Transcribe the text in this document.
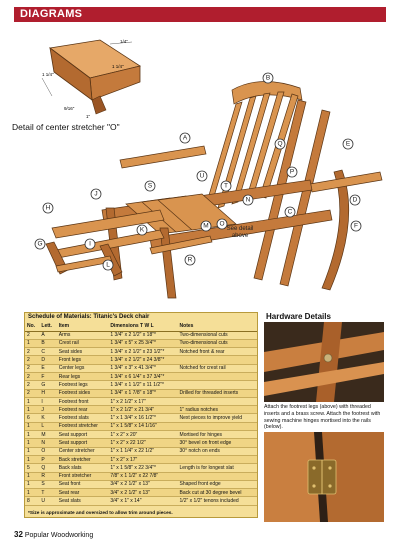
DIAGRAMS
1/4"
1 1/4"
1 1/4"
9/16"
1"
Detail of center stretcher "O"
A
B
C
D
E
F
G
H
I
J
K
L
M
N
O
P
Q
R
S	T
U
See detail above
Schedule of Materials: Titanic's Deck chair
No.	Lett.	Item	Dimensions T W L	Notes
2	A	Arms	1 3/4" x 2 1/2" x 18"*	Two-dimensional cuts
1	B	Crest rail	1 3/4" x 5" x 25 3/4"*	Two-dimensional cuts
2	C	Seat sides	1 3/4" x 2 1/2" x 23 1/2"*	Notched front & rear
2	D	Front legs	1 3/4" x 2 1/2" x 24 3/8"*	
2	E	Center legs	1 3/4" x 3" x 41 3/4"*	Notched for crest rail
2	F	Rear legs	1 3/4" x 6 1/4" x 37 3/4"*	
2	G	Footrest legs	1 3/4" x 1 1/2" x 11 1/2"*	
2	H	Footrest sides	1 3/4" x 1 7/8" x 18"*	Drilled for threaded inserts
1	I	Footrest front	1" x 2 1/2" x 17"	
1	J	Footrest rear	1" x 2 1/2" x 21 3/4"	1" radius notches
6	K	Footrest slats	1" x 1 3/4" x 16 1/2"*	Next pieces to improve yield
1	L	Footrest stretcher	1" x 1 5/8" x 14 1/16"	
1	M	Seat support	1" x 2" x 20"	Mortised for hinges
1	N	Seat support	1" x 2" x 22 1/2"	30° bevel on front edge
1	O	Center stretcher	1" x 1 1/4" x 22 1/2"	30° notch on ends
1	P	Back stretcher	1" x 2" x 17"	
5	Q	Back slats	1" x 1 5/8" x 22 3/4"*	Length is for longest slat
1	R	Front stretcher	7/8" x 1 1/2" x 22 7/8"	
1	S	Seat front	3/4" x 2 1/2" x 13"	Shaped front edge
1	T	Seat rear	3/4" x 2 1/2" x 13"	Back cut at 30 degree bevel
8	U	Seat slats	3/4" x 1" x 14"	1/2" x 1/2" tenons included
*Size is approximate and oversized to allow trim around pieces.
Hardware Details
Attach the footrest legs (above) with threaded inserts and a brass screw. Attach the footrest with sewing machine hinges mortised into the rails (below).
32 Popular Woodworking
